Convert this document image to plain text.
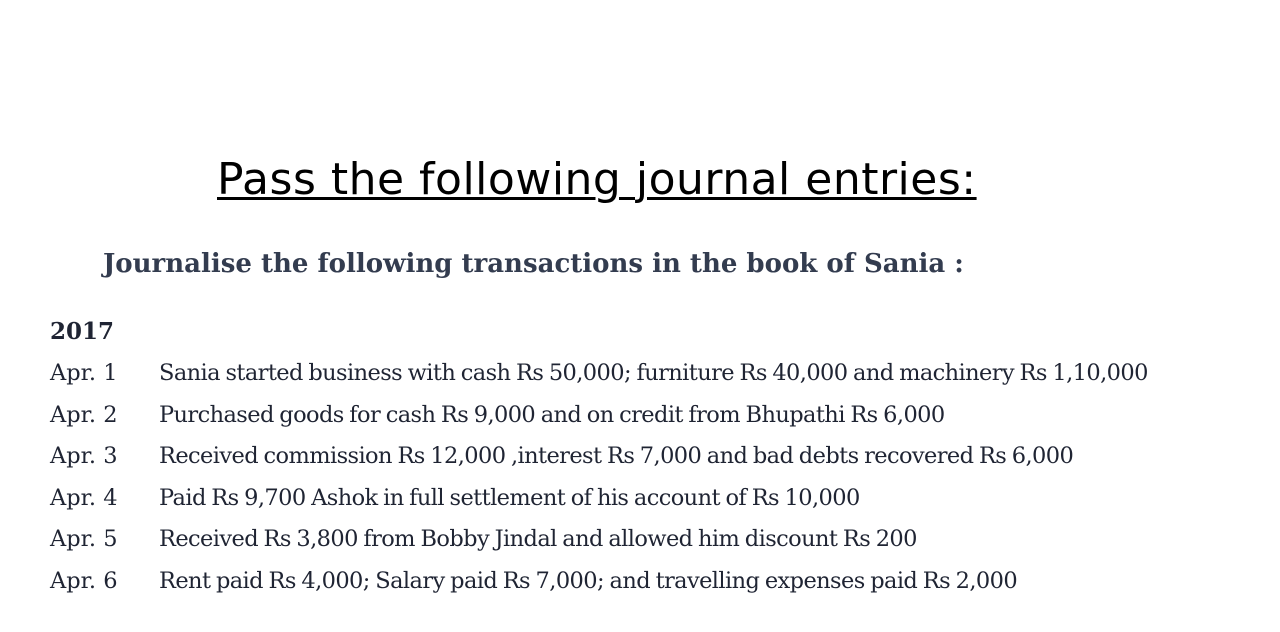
Pass the following journal entries:
Journalise the following transactions in the book of Sania :
2017
Apr. 1	Sania started business with cash Rs 50,000; furniture Rs 40,000 and machinery Rs 1,10,000
Apr. 2	Purchased goods for cash Rs 9,000 and on credit from Bhupathi Rs 6,000
Apr. 3	Received commission Rs 12,000 ,interest Rs 7,000 and bad debts recovered Rs 6,000
Apr. 4	Paid Rs 9,700 Ashok in full settlement of his account of Rs 10,000
Apr. 5	Received Rs 3,800 from Bobby Jindal and allowed him discount Rs 200
Apr. 6	Rent paid Rs 4,000; Salary paid Rs 7,000; and travelling expenses paid Rs 2,000
